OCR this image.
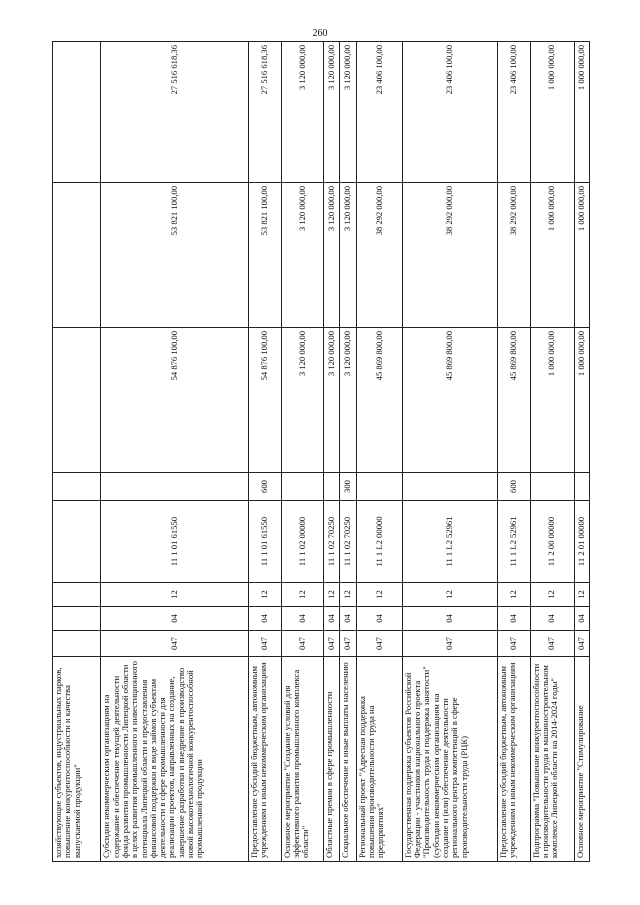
260
хозяйствующие субъектов, индустриальных парков, повышение конкурентоспособности и качества выпускаемой продукции"								
Субсидии некоммерческим организациям на содержание и обеспечение текущей деятельности фонда развития промышленности Липецкой области в целях развития промышленного и инвестиционного потенциала Липецкой области и предоставления финансовой поддержки в виде займов субъектам деятельности в сфере промышленности для реализации проектов, направленных на создание, завершение разработки и внедрение в производство новой высокотехнологичной конкурентоспособной промышленной продукции	047	04	12	11 1 01 61550		54 876 100,00	53 821 100,00	27 516 618,36
Предоставление субсидий бюджетным, автономным учреждениям и иным некоммерческим организациям	047	04	12	11 1 01 61550	600	54 876 100,00	53 821 100,00	27 516 618,36
Основное мероприятие "Создание условий для эффективного развития промышленного комплекса области"	047	04	12	11 1 02 00000		3 120 000,00	3 120 000,00	3 120 000,00
Областные премии в сфере промышленности	047	04	12	11 1 02 70250		3 120 000,00	3 120 000,00	3 120 000,00
Социальное обеспечение и иные выплаты населению	047	04	12	11 1 02 70250	300	3 120 000,00	3 120 000,00	3 120 000,00
Региональный проект "Адресная поддержка повышения производительности труда на предприятиях"	047	04	12	11 1 L2 00000		45 869 800,00	38 292 000,00	23 406 100,00
Государственная поддержка субъектов Российской Федерации - участников национального проекта "Производительность труда и поддержка занятости" (субсидии некоммерческим организациям на создание и (или) обеспечение деятельности регионального центра компетенций в сфере производительности труда (РЦК)	047	04	12	11 1 L2 52961		45 869 800,00	38 292 000,00	23 406 100,00
Предоставление субсидий бюджетным, автономным учреждениям и иным некоммерческим организациям	047	04	12	11 1 L2 52961	600	45 869 800,00	38 292 000,00	23 406 100,00
Подпрограмма "Повышение конкурентоспособности и производительности труда в машиностроительном комплексе Липецкой области на 2014-2024 годы"	047	04	12	11 2 00 00000		1 000 000,00	1 000 000,00	1 000 000,00
Основное мероприятие "Стимулирование	047	04	12	11 2 01 00000		1 000 000,00	1 000 000,00	1 000 000,00
